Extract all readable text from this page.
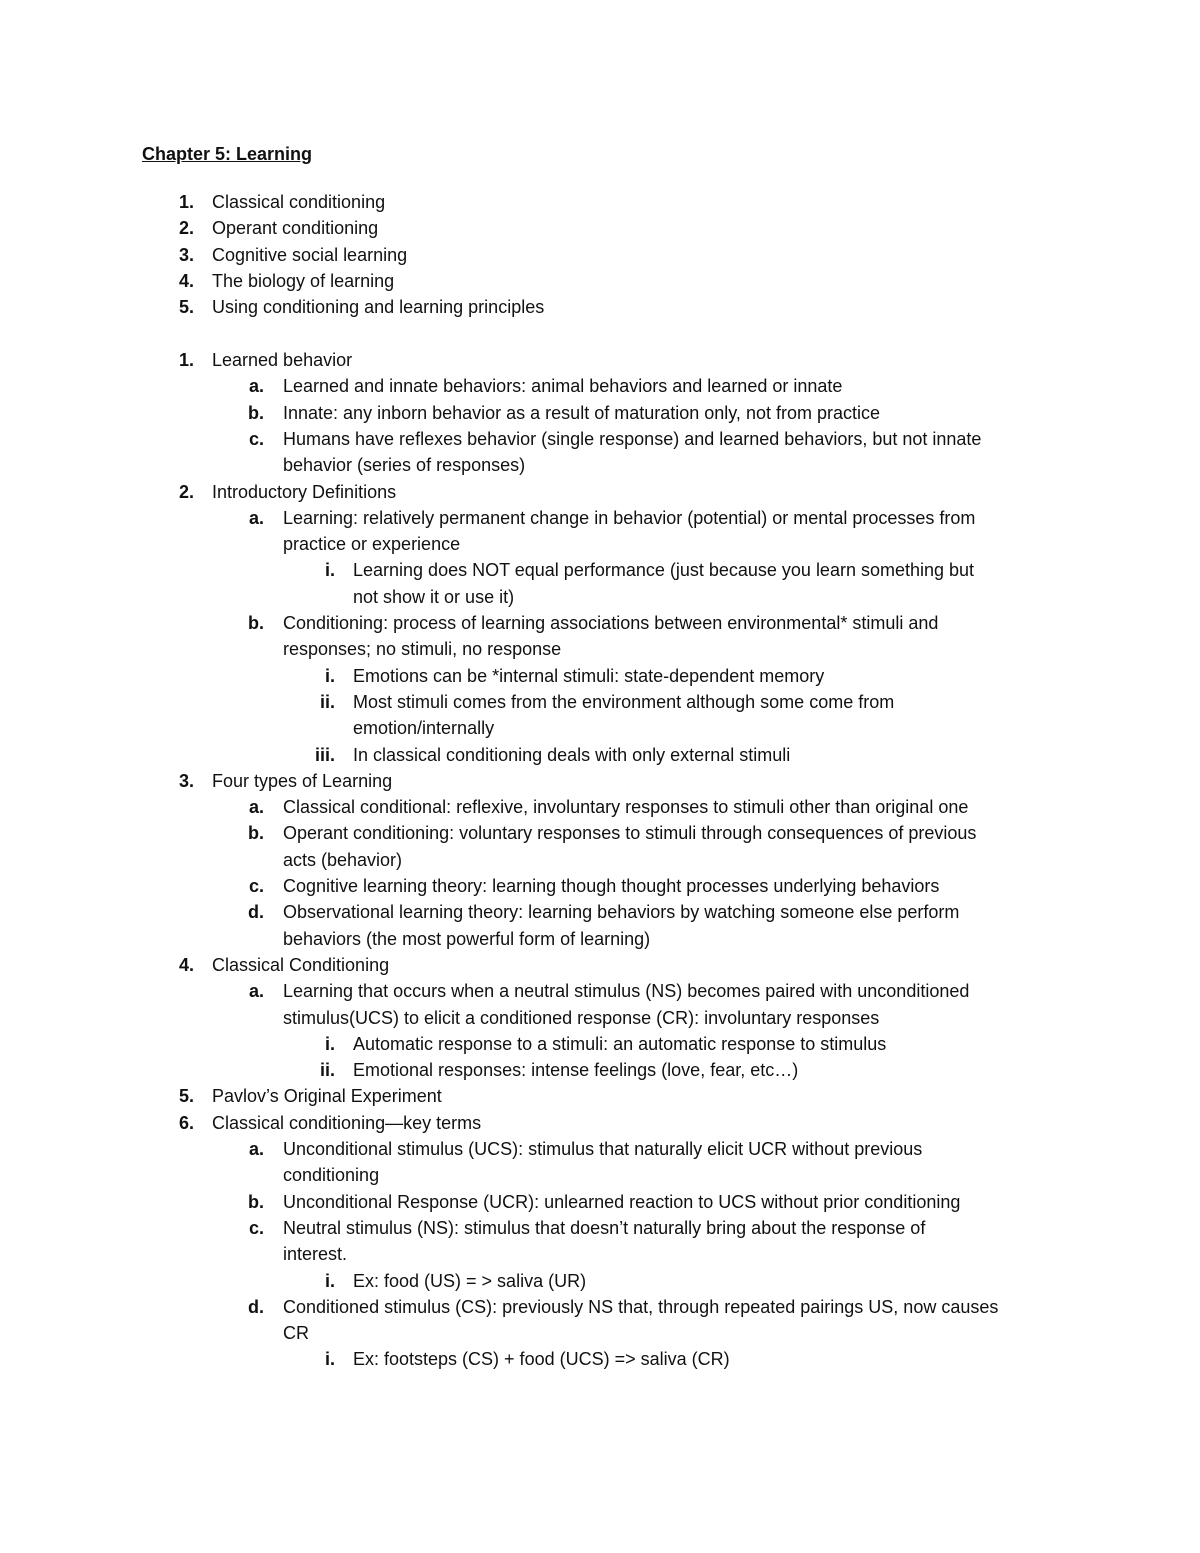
Chapter 5: Learning
1. Classical conditioning
2. Operant conditioning
3. Cognitive social learning
4. The biology of learning
5. Using conditioning and learning principles
1. Learned behavior
a. Learned and innate behaviors: animal behaviors and learned or innate
b. Innate: any inborn behavior as a result of maturation only, not from practice
c. Humans have reflexes behavior (single response) and learned behaviors, but not innate
behavior (series of responses)
2. Introductory Definitions
a. Learning: relatively permanent change in behavior (potential) or mental processes from
practice or experience
i. Learning does NOT equal performance (just because you learn something but
not show it or use it)
b. Conditioning: process of learning associations between environmental* stimuli and
responses; no stimuli, no response
i. Emotions can be *internal stimuli: state-dependent memory
ii. Most stimuli comes from the environment although some come from
emotion/internally
iii. In classical conditioning deals with only external stimuli
3. Four types of Learning
a. Classical conditional: reflexive, involuntary responses to stimuli other than original one
b. Operant conditioning: voluntary responses to stimuli through consequences of previous
acts (behavior)
c. Cognitive learning theory: learning though thought processes underlying behaviors
d. Observational learning theory: learning behaviors by watching someone else perform
behaviors (the most powerful form of learning)
4. Classical Conditioning
a. Learning that occurs when a neutral stimulus (NS) becomes paired with unconditioned
stimulus(UCS) to elicit a conditioned response (CR): involuntary responses
i. Automatic response to a stimuli: an automatic response to stimulus
ii. Emotional responses: intense feelings (love, fear, etc…)
5. Pavlov’s Original Experiment
6. Classical conditioning—key terms
a. Unconditional stimulus (UCS): stimulus that naturally elicit UCR without previous
conditioning
b. Unconditional Response (UCR): unlearned reaction to UCS without prior conditioning
c. Neutral stimulus (NS): stimulus that doesn’t naturally bring about the response of
interest.
i. Ex: food (US) = > saliva (UR)
d. Conditioned stimulus (CS): previously NS that, through repeated pairings US, now causes
CR
i. Ex: footsteps (CS) + food (UCS) => saliva (CR)
